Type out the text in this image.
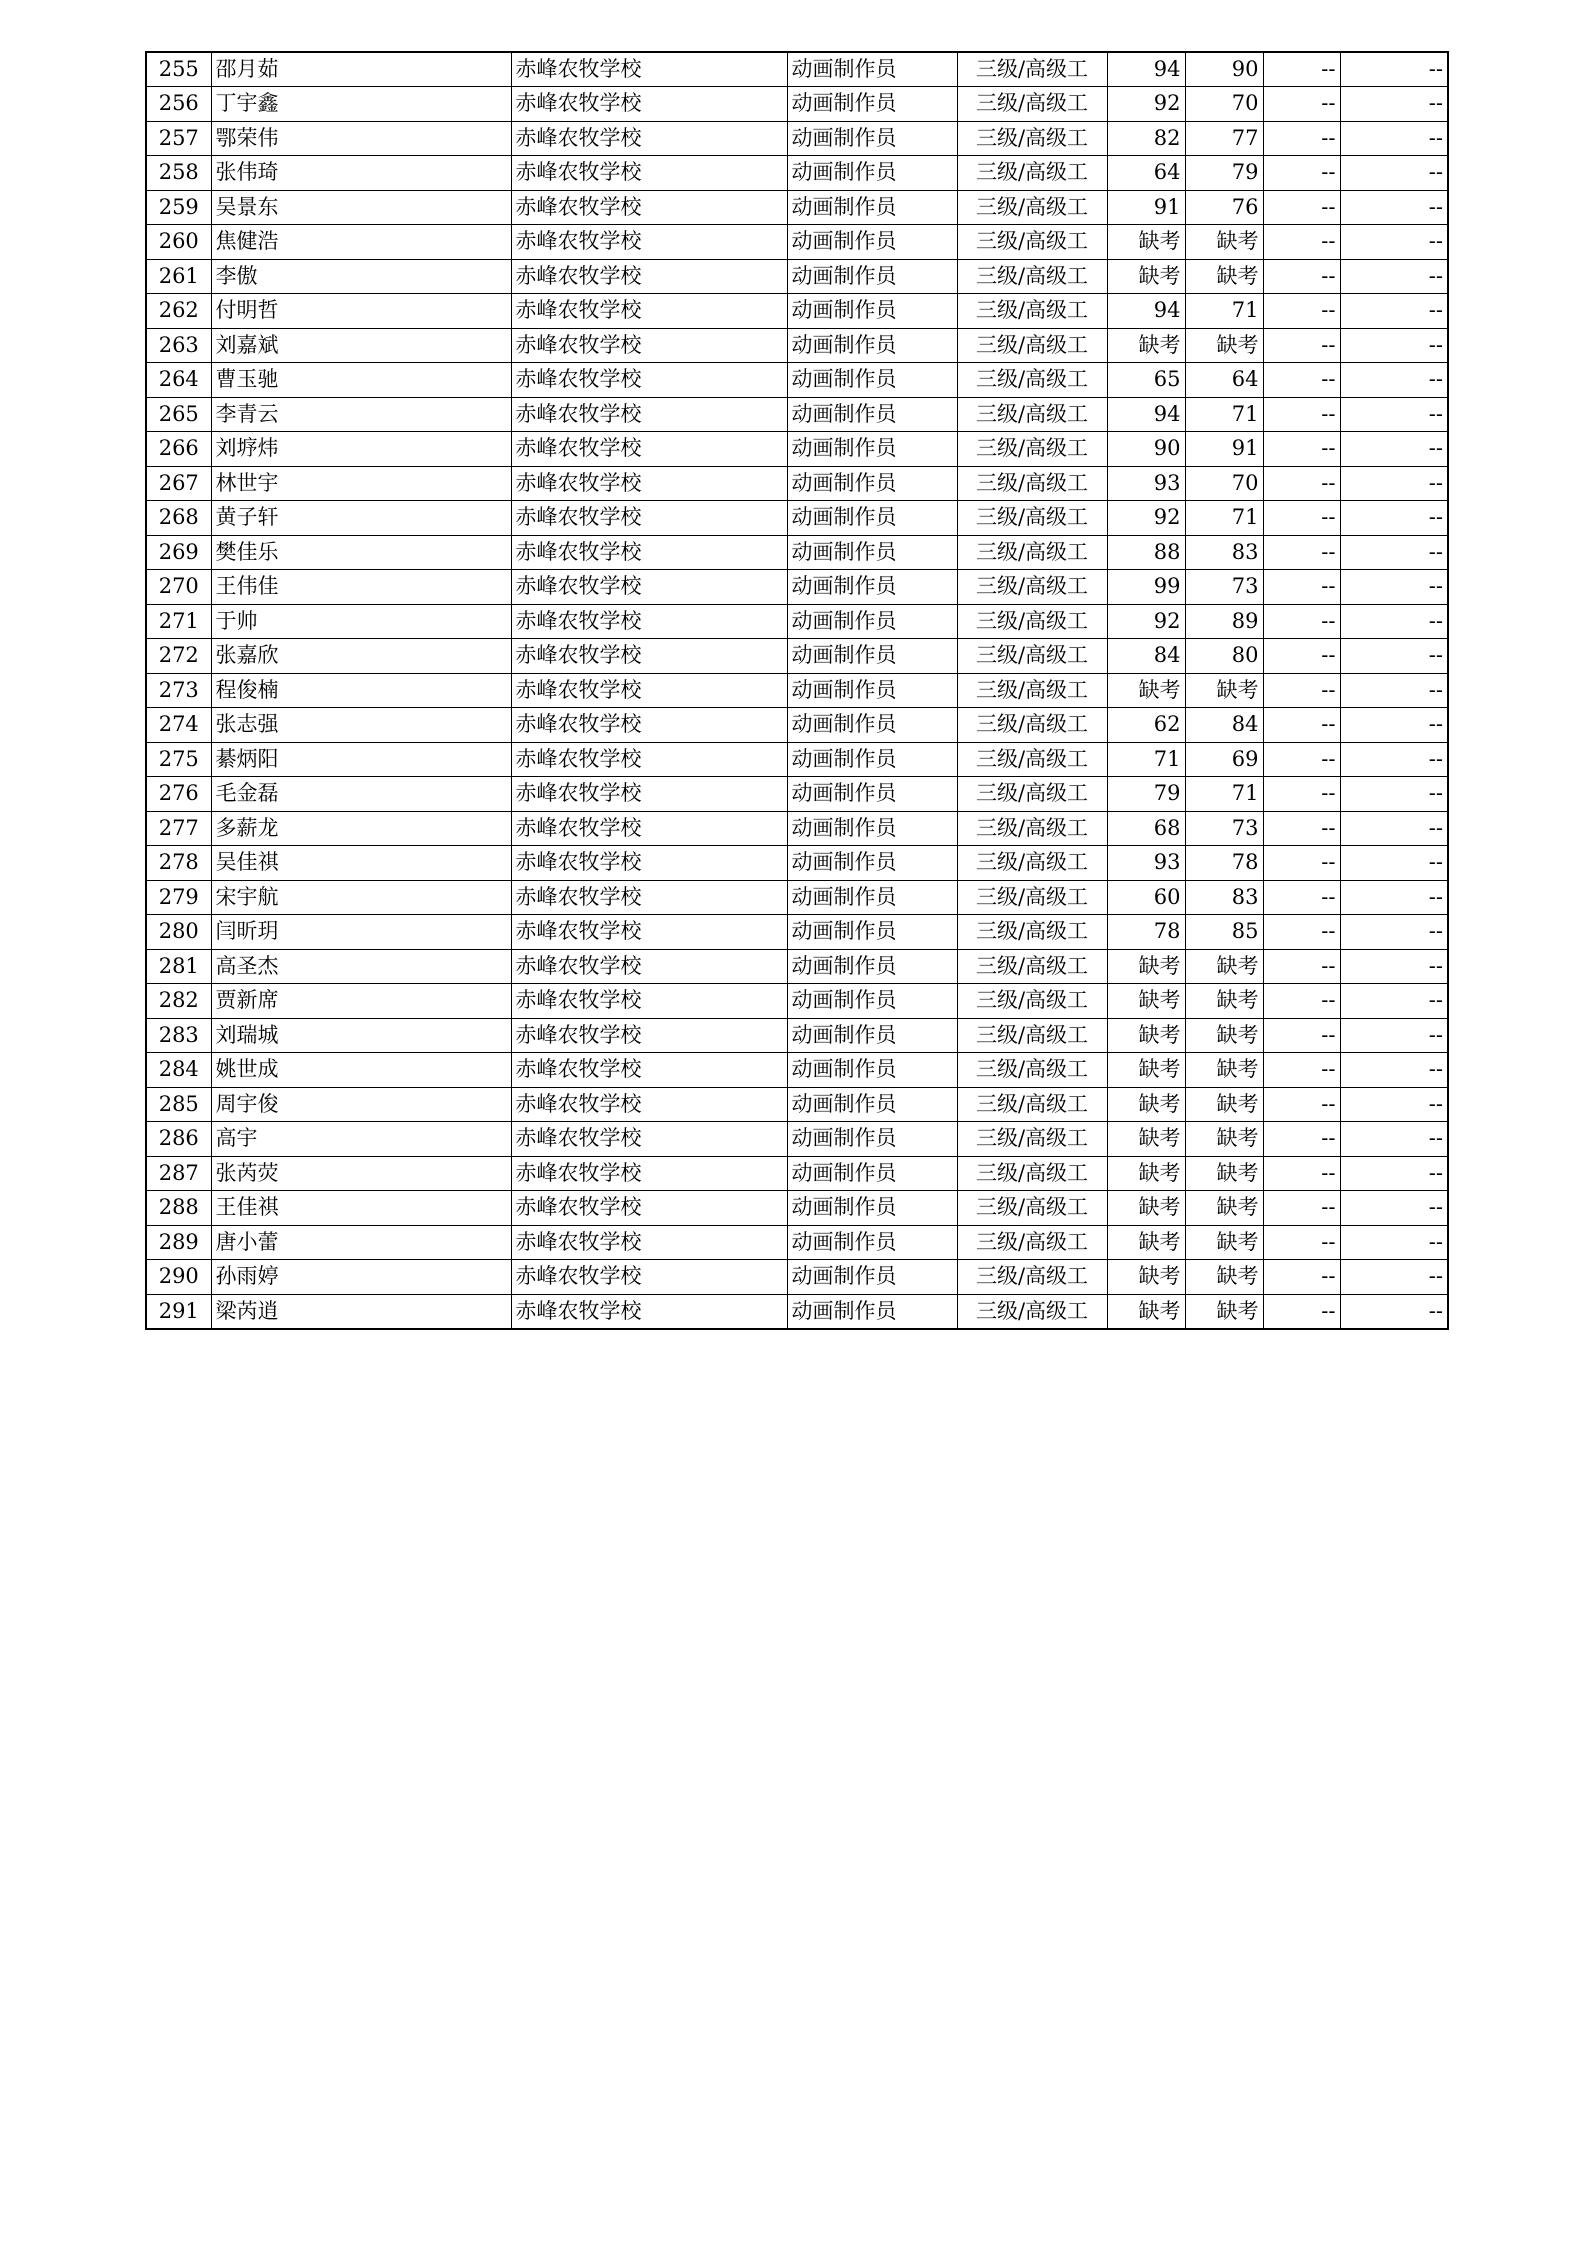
255	邵月茹	赤峰农牧学校	动画制作员	三级/高级工	94	90	--	--
256	丁宇鑫	赤峰农牧学校	动画制作员	三级/高级工	92	70	--	--
257	鄂荣伟	赤峰农牧学校	动画制作员	三级/高级工	82	77	--	--
258	张伟琦	赤峰农牧学校	动画制作员	三级/高级工	64	79	--	--
259	吴景东	赤峰农牧学校	动画制作员	三级/高级工	91	76	--	--
260	焦健浩	赤峰农牧学校	动画制作员	三级/高级工	缺考	缺考	--	--
261	李傲	赤峰农牧学校	动画制作员	三级/高级工	缺考	缺考	--	--
262	付明哲	赤峰农牧学校	动画制作员	三级/高级工	94	71	--	--
263	刘嘉斌	赤峰农牧学校	动画制作员	三级/高级工	缺考	缺考	--	--
264	曹玉驰	赤峰农牧学校	动画制作员	三级/高级工	65	64	--	--
265	李青云	赤峰农牧学校	动画制作员	三级/高级工	94	71	--	--
266	刘垿炜	赤峰农牧学校	动画制作员	三级/高级工	90	91	--	--
267	林世宇	赤峰农牧学校	动画制作员	三级/高级工	93	70	--	--
268	黄子轩	赤峰农牧学校	动画制作员	三级/高级工	92	71	--	--
269	樊佳乐	赤峰农牧学校	动画制作员	三级/高级工	88	83	--	--
270	王伟佳	赤峰农牧学校	动画制作员	三级/高级工	99	73	--	--
271	于帅	赤峰农牧学校	动画制作员	三级/高级工	92	89	--	--
272	张嘉欣	赤峰农牧学校	动画制作员	三级/高级工	84	80	--	--
273	程俊楠	赤峰农牧学校	动画制作员	三级/高级工	缺考	缺考	--	--
274	张志强	赤峰农牧学校	动画制作员	三级/高级工	62	84	--	--
275	綦炳阳	赤峰农牧学校	动画制作员	三级/高级工	71	69	--	--
276	毛金磊	赤峰农牧学校	动画制作员	三级/高级工	79	71	--	--
277	多薪龙	赤峰农牧学校	动画制作员	三级/高级工	68	73	--	--
278	吴佳祺	赤峰农牧学校	动画制作员	三级/高级工	93	78	--	--
279	宋宇航	赤峰农牧学校	动画制作员	三级/高级工	60	83	--	--
280	闫昕玥	赤峰农牧学校	动画制作员	三级/高级工	78	85	--	--
281	高圣杰	赤峰农牧学校	动画制作员	三级/高级工	缺考	缺考	--	--
282	贾新席	赤峰农牧学校	动画制作员	三级/高级工	缺考	缺考	--	--
283	刘瑞城	赤峰农牧学校	动画制作员	三级/高级工	缺考	缺考	--	--
284	姚世成	赤峰农牧学校	动画制作员	三级/高级工	缺考	缺考	--	--
285	周宇俊	赤峰农牧学校	动画制作员	三级/高级工	缺考	缺考	--	--
286	高宇	赤峰农牧学校	动画制作员	三级/高级工	缺考	缺考	--	--
287	张芮荧	赤峰农牧学校	动画制作员	三级/高级工	缺考	缺考	--	--
288	王佳祺	赤峰农牧学校	动画制作员	三级/高级工	缺考	缺考	--	--
289	唐小蕾	赤峰农牧学校	动画制作员	三级/高级工	缺考	缺考	--	--
290	孙雨婷	赤峰农牧学校	动画制作员	三级/高级工	缺考	缺考	--	--
291	梁芮逍	赤峰农牧学校	动画制作员	三级/高级工	缺考	缺考	--	--
